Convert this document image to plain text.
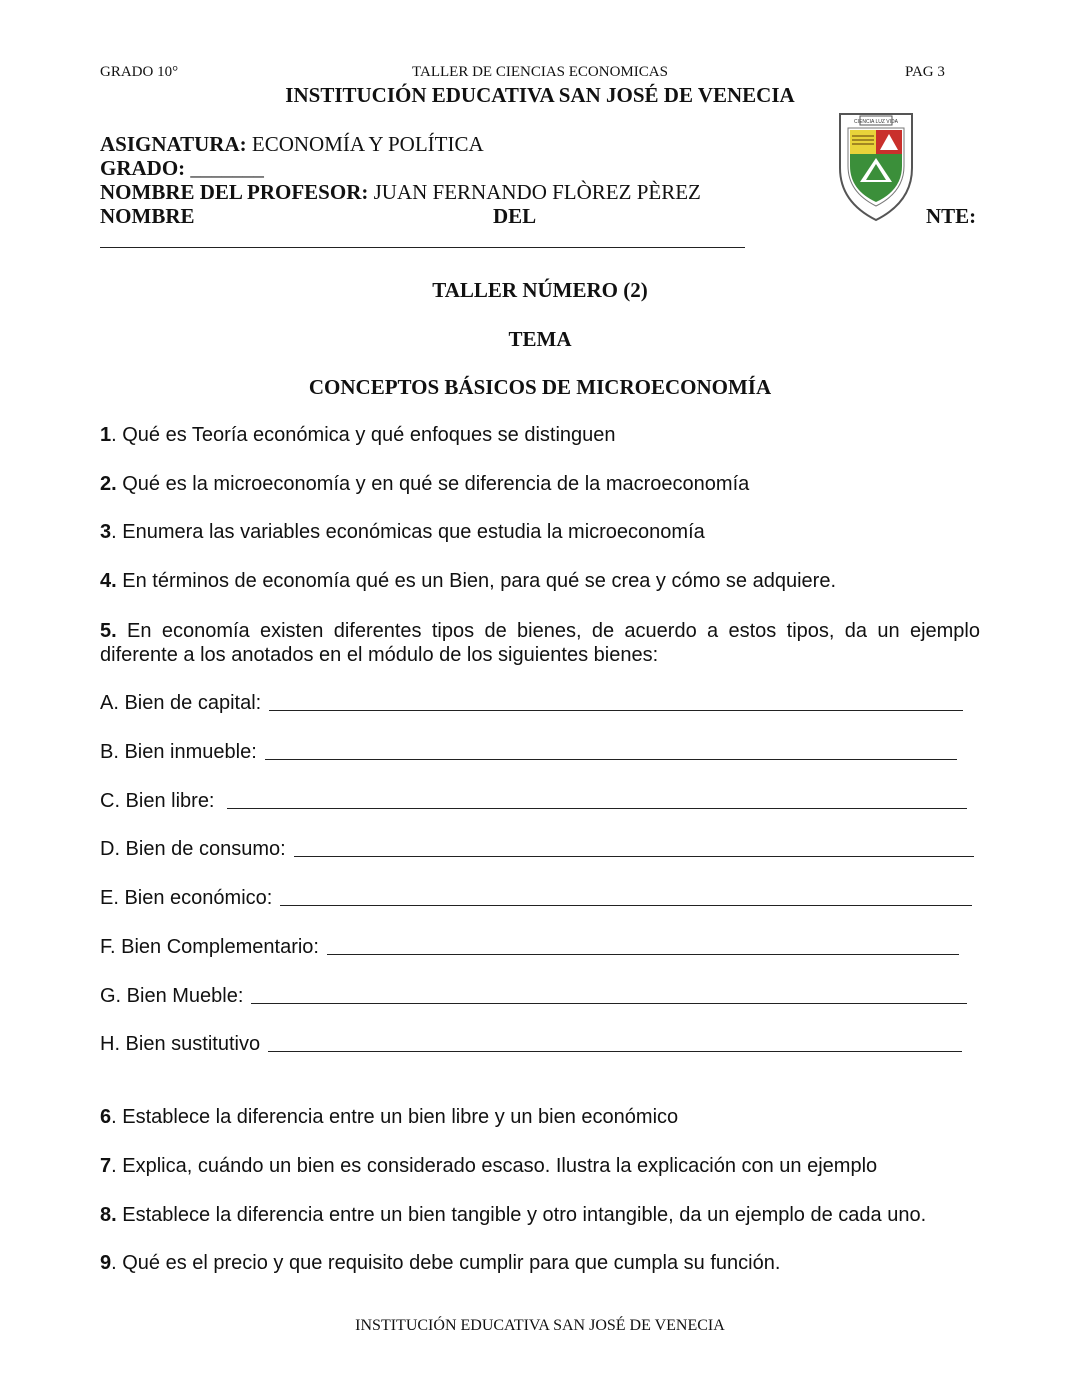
GRADO 10°	TALLER DE CIENCIAS ECONOMICAS	PAG 3
INSTITUCIÓN EDUCATIVA SAN JOSÉ DE VENECIA
ASIGNATURA: ECONOMÍA Y POLÍTICA
GRADO: _______
NOMBRE DEL PROFESOR: JUAN FERNANDO FLÒREZ PÈREZ
NOMBRE	DEL	NTE:
CIENCIA LUZ VIDA
TALLER NÚMERO (2)
TEMA
CONCEPTOS BÁSICOS DE MICROECONOMÍA
1. Qué es Teoría económica y qué enfoques se distinguen
2. Qué es la microeconomía y en qué se diferencia de la macroeconomía
3. Enumera las variables económicas que estudia la microeconomía
4. En términos de economía qué es un Bien, para qué se crea y cómo se adquiere.
5. En economía existen diferentes tipos de bienes, de acuerdo a estos tipos, da un ejemplo diferente a los anotados en el módulo de los siguientes bienes:
A. Bien de capital:
B. Bien inmueble:
C. Bien libre:
D. Bien de consumo:
E. Bien económico:
F. Bien Complementario:
G. Bien Mueble:
H. Bien sustitutivo
6. Establece la diferencia entre un bien libre y un bien económico
7. Explica, cuándo un bien es considerado escaso. Ilustra la explicación con un ejemplo
8. Establece la diferencia entre un bien tangible y otro intangible, da un ejemplo de cada uno.
9. Qué es el precio y que requisito debe cumplir para que cumpla su función.
INSTITUCIÓN EDUCATIVA SAN JOSÉ DE VENECIA
